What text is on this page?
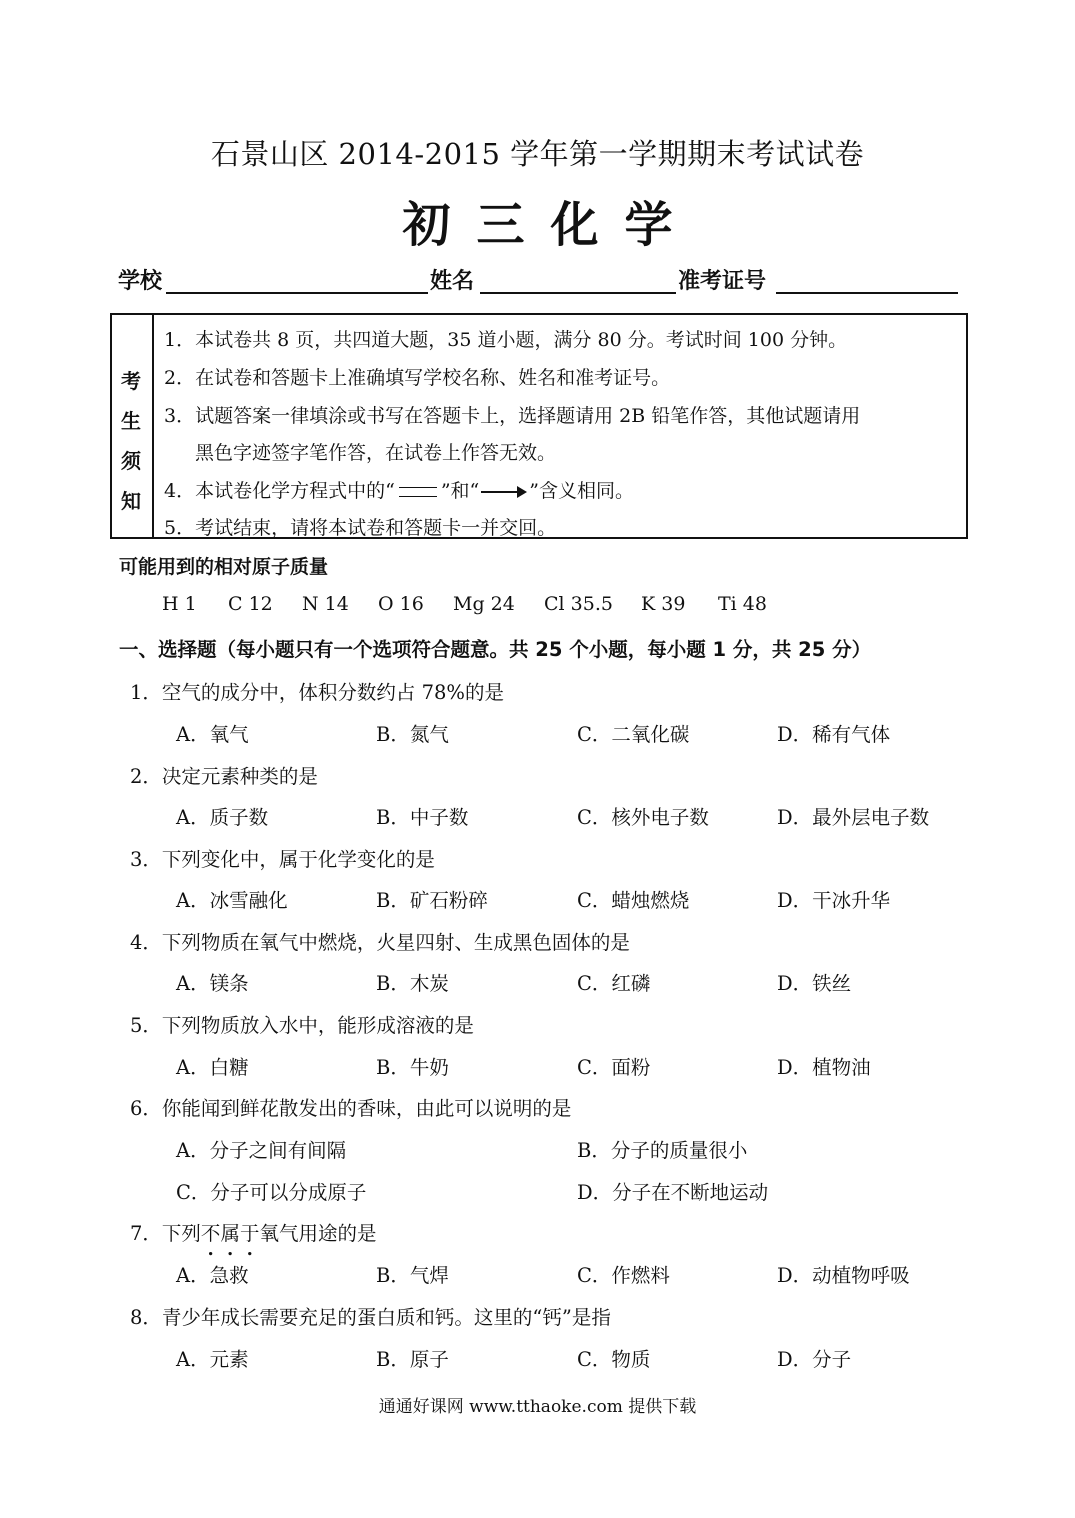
石景山区 2014-2015 学年第一学期期末考试试卷
初三化学
学校	姓名	准考证号
考
生
须
知
1．本试卷共 8 页，共四道大题，35 道小题，满分 80 分。考试时间 100 分钟。
2．在试卷和答题卡上准确填写学校名称、姓名和准考证号。
3．试题答案一律填涂或书写在答题卡上，选择题请用 2B 铅笔作答，其他试题请用
黑色字迹签字笔作答，在试卷上作答无效。
4．本试卷化学方程式中的“ ”和“	”含义相同。
5．考试结束，请将本试卷和答题卡一并交回。
可能用到的相对原子质量
H 1 C 12 N 14 O 16 Mg 24 Cl 35.5 K 39 Ti 48
一、选择题（每小题只有一个选项符合题意。共 25 个小题，每小题 1 分，共 25 分）
1．空气的成分中，体积分数约占 78%的是
A．氧气	B．氮气	C．二氧化碳	D．稀有气体
2．决定元素种类的是
A．质子数	B．中子数	C．核外电子数	D．最外层电子数
3．下列变化中，属于化学变化的是
A．冰雪融化	B．矿石粉碎	C．蜡烛燃烧	D．干冰升华
4．下列物质在氧气中燃烧，火星四射、生成黑色固体的是
A．镁条	B．木炭	C．红磷	D．铁丝
5．下列物质放入水中，能形成溶液的是
A．白糖	B．牛奶	C．面粉	D．植物油
6．你能闻到鲜花散发出的香味，由此可以说明的是
A．分子之间有间隔	B．分子的质量很小
C．分子可以分成原子	D．分子在不断地运动
7．下列不属于氧气用途的是
A．急救	B．气焊	C．作燃料	D．动植物呼吸
8．青少年成长需要充足的蛋白质和钙。这里的“钙”是指
A．元素	B．原子	C．物质	D．分子
通通好课网 www.tthaoke.com 提供下载
